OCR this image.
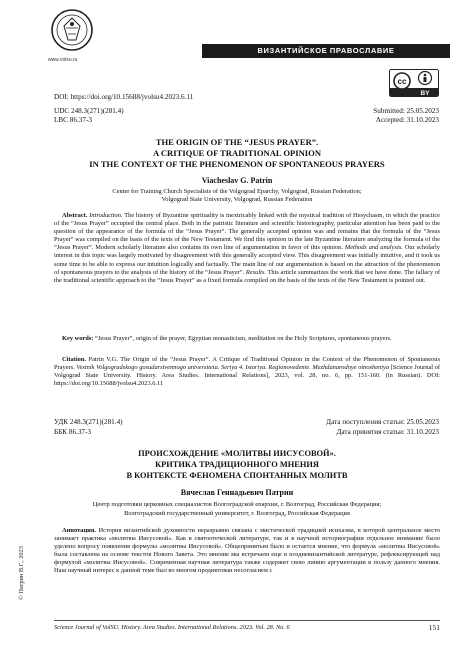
www.volsu.ru
ВИЗАНТИЙСКОЕ ПРАВОСЛАВИЕ
cc
BY
DOI: https://doi.org/10.15688/jvolsu4.2023.6.11
UDC 248.3(271)(281.4)
LBC 86.37-3
Submitted: 25.05.2023
Accepted: 31.10.2023
THE ORIGIN OF THE “JESUS PRAYER”.
A CRITIQUE OF TRADITIONAL OPINION
IN THE CONTEXT OF THE PHENOMENON OF SPONTANEOUS PRAYERS
Viacheslav G. Patrin
Center for Training Church Specialists of the Volgograd Eparchy, Volgograd, Russian Federation;
Volgograd State University, Volgograd, Russian Federation
Abstract. Introduction. The history of Byzantine spirituality is inextricably linked with the mystical tradition of Hesychasm, in which the practice of the “Jesus Prayer” occupied the central place. Both in the patristic literature and scientific historiography, particular attention has been paid to the question of the appearance of the formula of the “Jesus Prayer”. The generally accepted opinion was and remains that the formula of the “Jesus Prayer” was compiled on the basis of the texts of the New Testament. We find this opinion in the late Byzantine literature analyzing the formula of the “Jesus Prayer”. Modern scholarly literature also contains its own line of argumentation in favor of this opinion. Methods and analysis. Our scholarly interest in this topic was largely motivated by disagreement with this generally accepted view. This disagreement was initially intuitive, and it took us some time to be able to express our intuition logically and factually. The main line of our argumentation is based on the attraction of the phenomenon of spontaneous prayers to the analysis of the history of the “Jesus Prayer”. Results. This article summarizes the work that we have done. The fallacy of the traditional scientific approach to the “Jesus Prayer” as a fixed formula compiled on the basis of the texts of the New Testament is pointed out.
Key words: “Jesus Prayer”, origin of the prayer, Egyptian monasticism, meditation on the Holy Scriptures, spontaneous prayers.
Citation. Patrin V.G. The Origin of the “Jesus Prayer”. A Critique of Traditional Opinion in the Context of the Phenomenon of Spontaneous Prayers. Vestnik Volgogradskogo gosudarstvennogo universiteta. Seriya 4. Istoriya. Regionovedenie. Mezhdunarodnye otnosheniya [Science Journal of Volgograd State University. History. Area Studies. International Relations], 2023, vol. 28, no. 6, pp. 151-160. (in Russian). DOI: https://doi.org/10.15688/jvolsu4.2023.6.11
УДК 248.3(271)(281.4)
ББК 86.37-3
Дата поступления статьи: 25.05.2023
Дата принятия статьи: 31.10.2023
ПРОИСХОЖДЕНИЕ «МОЛИТВЫ ИИСУСОВОЙ».
КРИТИКА ТРАДИЦИОННОГО МНЕНИЯ
В КОНТЕКСТЕ ФЕНОМЕНА СПОНТАННЫХ МОЛИТВ
Вячеслав Геннадьевич Патрин
Центр подготовки церковных специалистов Волгоградской епархии, г. Волгоград, Российская Федерация;
Волгоградский государственный университет, г. Волгоград, Российская Федерация
Аннотация. История византийской духовности неразрывно связана с мистической традицией исихазма, в которой центральное место занимает практика «молитвы Иисусовой». Как в святоотеческой литературе, так и в научной историографии отдельное внимание было уделено вопросу появления формулы «молитвы Иисусовой». Общепринятым было и остается мнение, что формула «молитвы Иисусовой» была составлена на основе текстов Нового Завета. Это мнение мы встречаем еще в поздневизантийской литературе, рефлексирующей над формулой «молитвы Иисусовой». Современная научная литература также содержит свою линию аргументации в пользу данного мнения. Наш научный интерес к данной теме был во многом продиктован несогласием с
© Патрин В.Г., 2023
Science Journal of VolSU. History. Area Studies. International Relations. 2023. Vol. 28. No. 6	151
